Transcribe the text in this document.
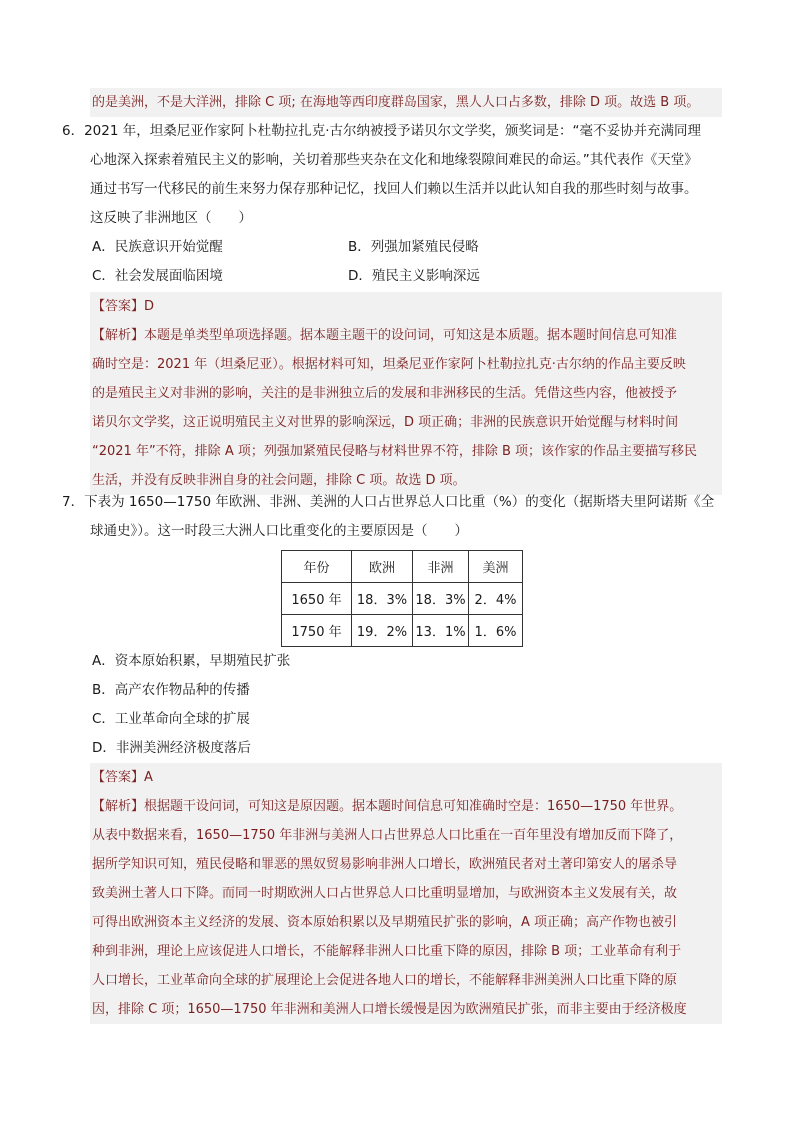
的是美洲，不是大洋洲，排除 C 项; 在海地等西印度群岛国家，黑人人口占多数，排除 D 项。故选 B 项。
6．2021 年，坦桑尼亚作家阿卜杜勒拉扎克·古尔纳被授予诺贝尔文学奖，颁奖词是：“毫不妥协并充满同理
心地深入探索着殖民主义的影响，关切着那些夹杂在文化和地缘裂隙间难民的命运。”其代表作《天堂》
通过书写一代移民的前生来努力保存那种记忆，找回人们赖以生活并以此认知自我的那些时刻与故事。
这反映了非洲地区（　　）
A．民族意识开始觉醒	B．列强加紧殖民侵略
C．社会发展面临困境	D．殖民主义影响深远
【答案】D
【解析】本题是单类型单项选择题。据本题主题干的设问词，可知这是本质题。据本题时间信息可知准
确时空是：2021 年（坦桑尼亚）。根据材料可知，坦桑尼亚作家阿卜杜勒拉扎克·古尔纳的作品主要反映
的是殖民主义对非洲的影响，关注的是非洲独立后的发展和非洲移民的生活。凭借这些内容，他被授予
诺贝尔文学奖，这正说明殖民主义对世界的影响深远，D 项正确；非洲的民族意识开始觉醒与材料时间
“2021 年”不符，排除 A 项；列强加紧殖民侵略与材料世界不符，排除 B 项；该作家的作品主要描写移民
生活，并没有反映非洲自身的社会问题，排除 C 项。故选 D 项。
7．下表为 1650—1750 年欧洲、非洲、美洲的人口占世界总人口比重（%）的变化（据斯塔夫里阿诺斯《全
球通史》）。这一时段三大洲人口比重变化的主要原因是（　　）
年份	欧洲	非洲	美洲
1650 年	18．3%	18．3%	2．4%
1750 年	19．2%	13．1%	1．6%
A．资本原始积累，早期殖民扩张
B．高产农作物品种的传播
C．工业革命向全球的扩展
D．非洲美洲经济极度落后
【答案】A
【解析】根据题干设问词，可知这是原因题。据本题时间信息可知准确时空是：1650—1750 年世界。
从表中数据来看，1650—1750 年非洲与美洲人口占世界总人口比重在一百年里没有增加反而下降了，
据所学知识可知，殖民侵略和罪恶的黑奴贸易影响非洲人口增长，欧洲殖民者对土著印第安人的屠杀导
致美洲土著人口下降。而同一时期欧洲人口占世界总人口比重明显增加，与欧洲资本主义发展有关，故
可得出欧洲资本主义经济的发展、资本原始积累以及早期殖民扩张的影响，A 项正确；高产作物也被引
种到非洲，理论上应该促进人口增长，不能解释非洲人口比重下降的原因，排除 B 项；工业革命有利于
人口增长，工业革命向全球的扩展理论上会促进各地人口的增长，不能解释非洲美洲人口比重下降的原
因，排除 C 项；1650—1750 年非洲和美洲人口增长缓慢是因为欧洲殖民扩张，而非主要由于经济极度
